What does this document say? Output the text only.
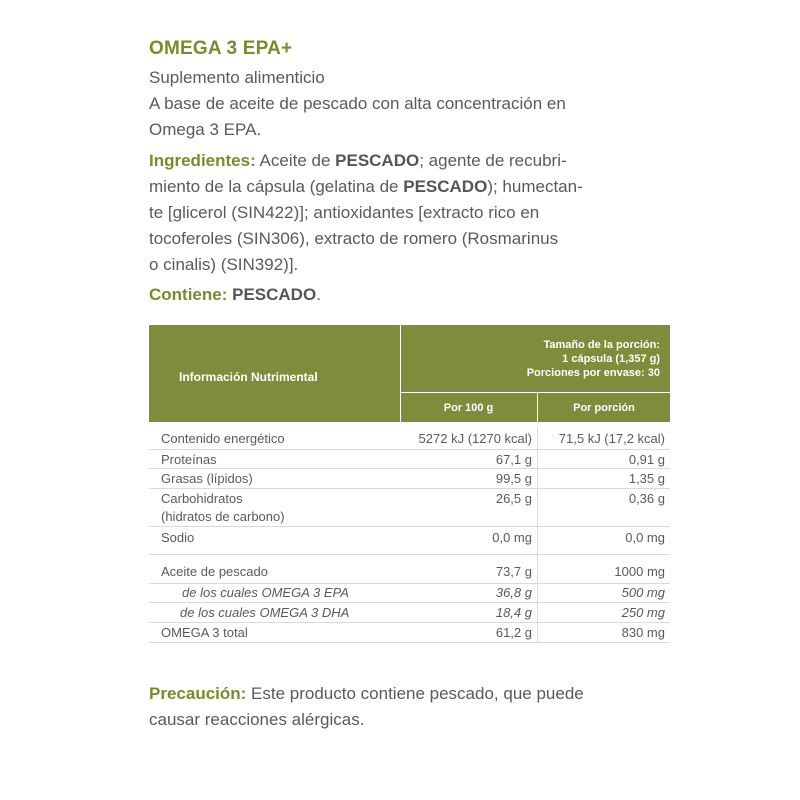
OMEGA 3 EPA+
Suplemento alimenticio
A base de aceite de pescado con alta concentración en
Omega 3 EPA.
Ingredientes: Aceite de PESCADO; agente de recubri-
miento de la cápsula (gelatina de PESCADO); humectan-
te [glicerol (SIN422)]; antioxidantes [extracto rico en
tocoferoles (SIN306), extracto de romero (Rosmarinus
o cinalis) (SIN392)].
Contiene: PESCADO.
Información Nutrimental
Tamaño de la porción:
1 cápsula (1,357 g)
Porciones por envase: 30
Por 100 g	Por porción
Contenido energético	5272 kJ (1270 kcal) 71,5 kJ (17,2 kcal)
Proteínas	67,1 g	0,91 g
Grasas (lípidos)	99,5 g	1,35 g
Carbohidratos
(hidratos de carbono)
26,5 g	0,36 g
Sodio	0,0 mg	0,0 mg
Aceite de pescado	73,7 g	1000 mg
de los cuales OMEGA 3 EPA	36,8 g	500 mg
de los cuales OMEGA 3 DHA	18,4 g	250 mg
OMEGA 3 total	61,2 g	830 mg
Precaución: Este producto contiene pescado, que puede
causar reacciones alérgicas.
